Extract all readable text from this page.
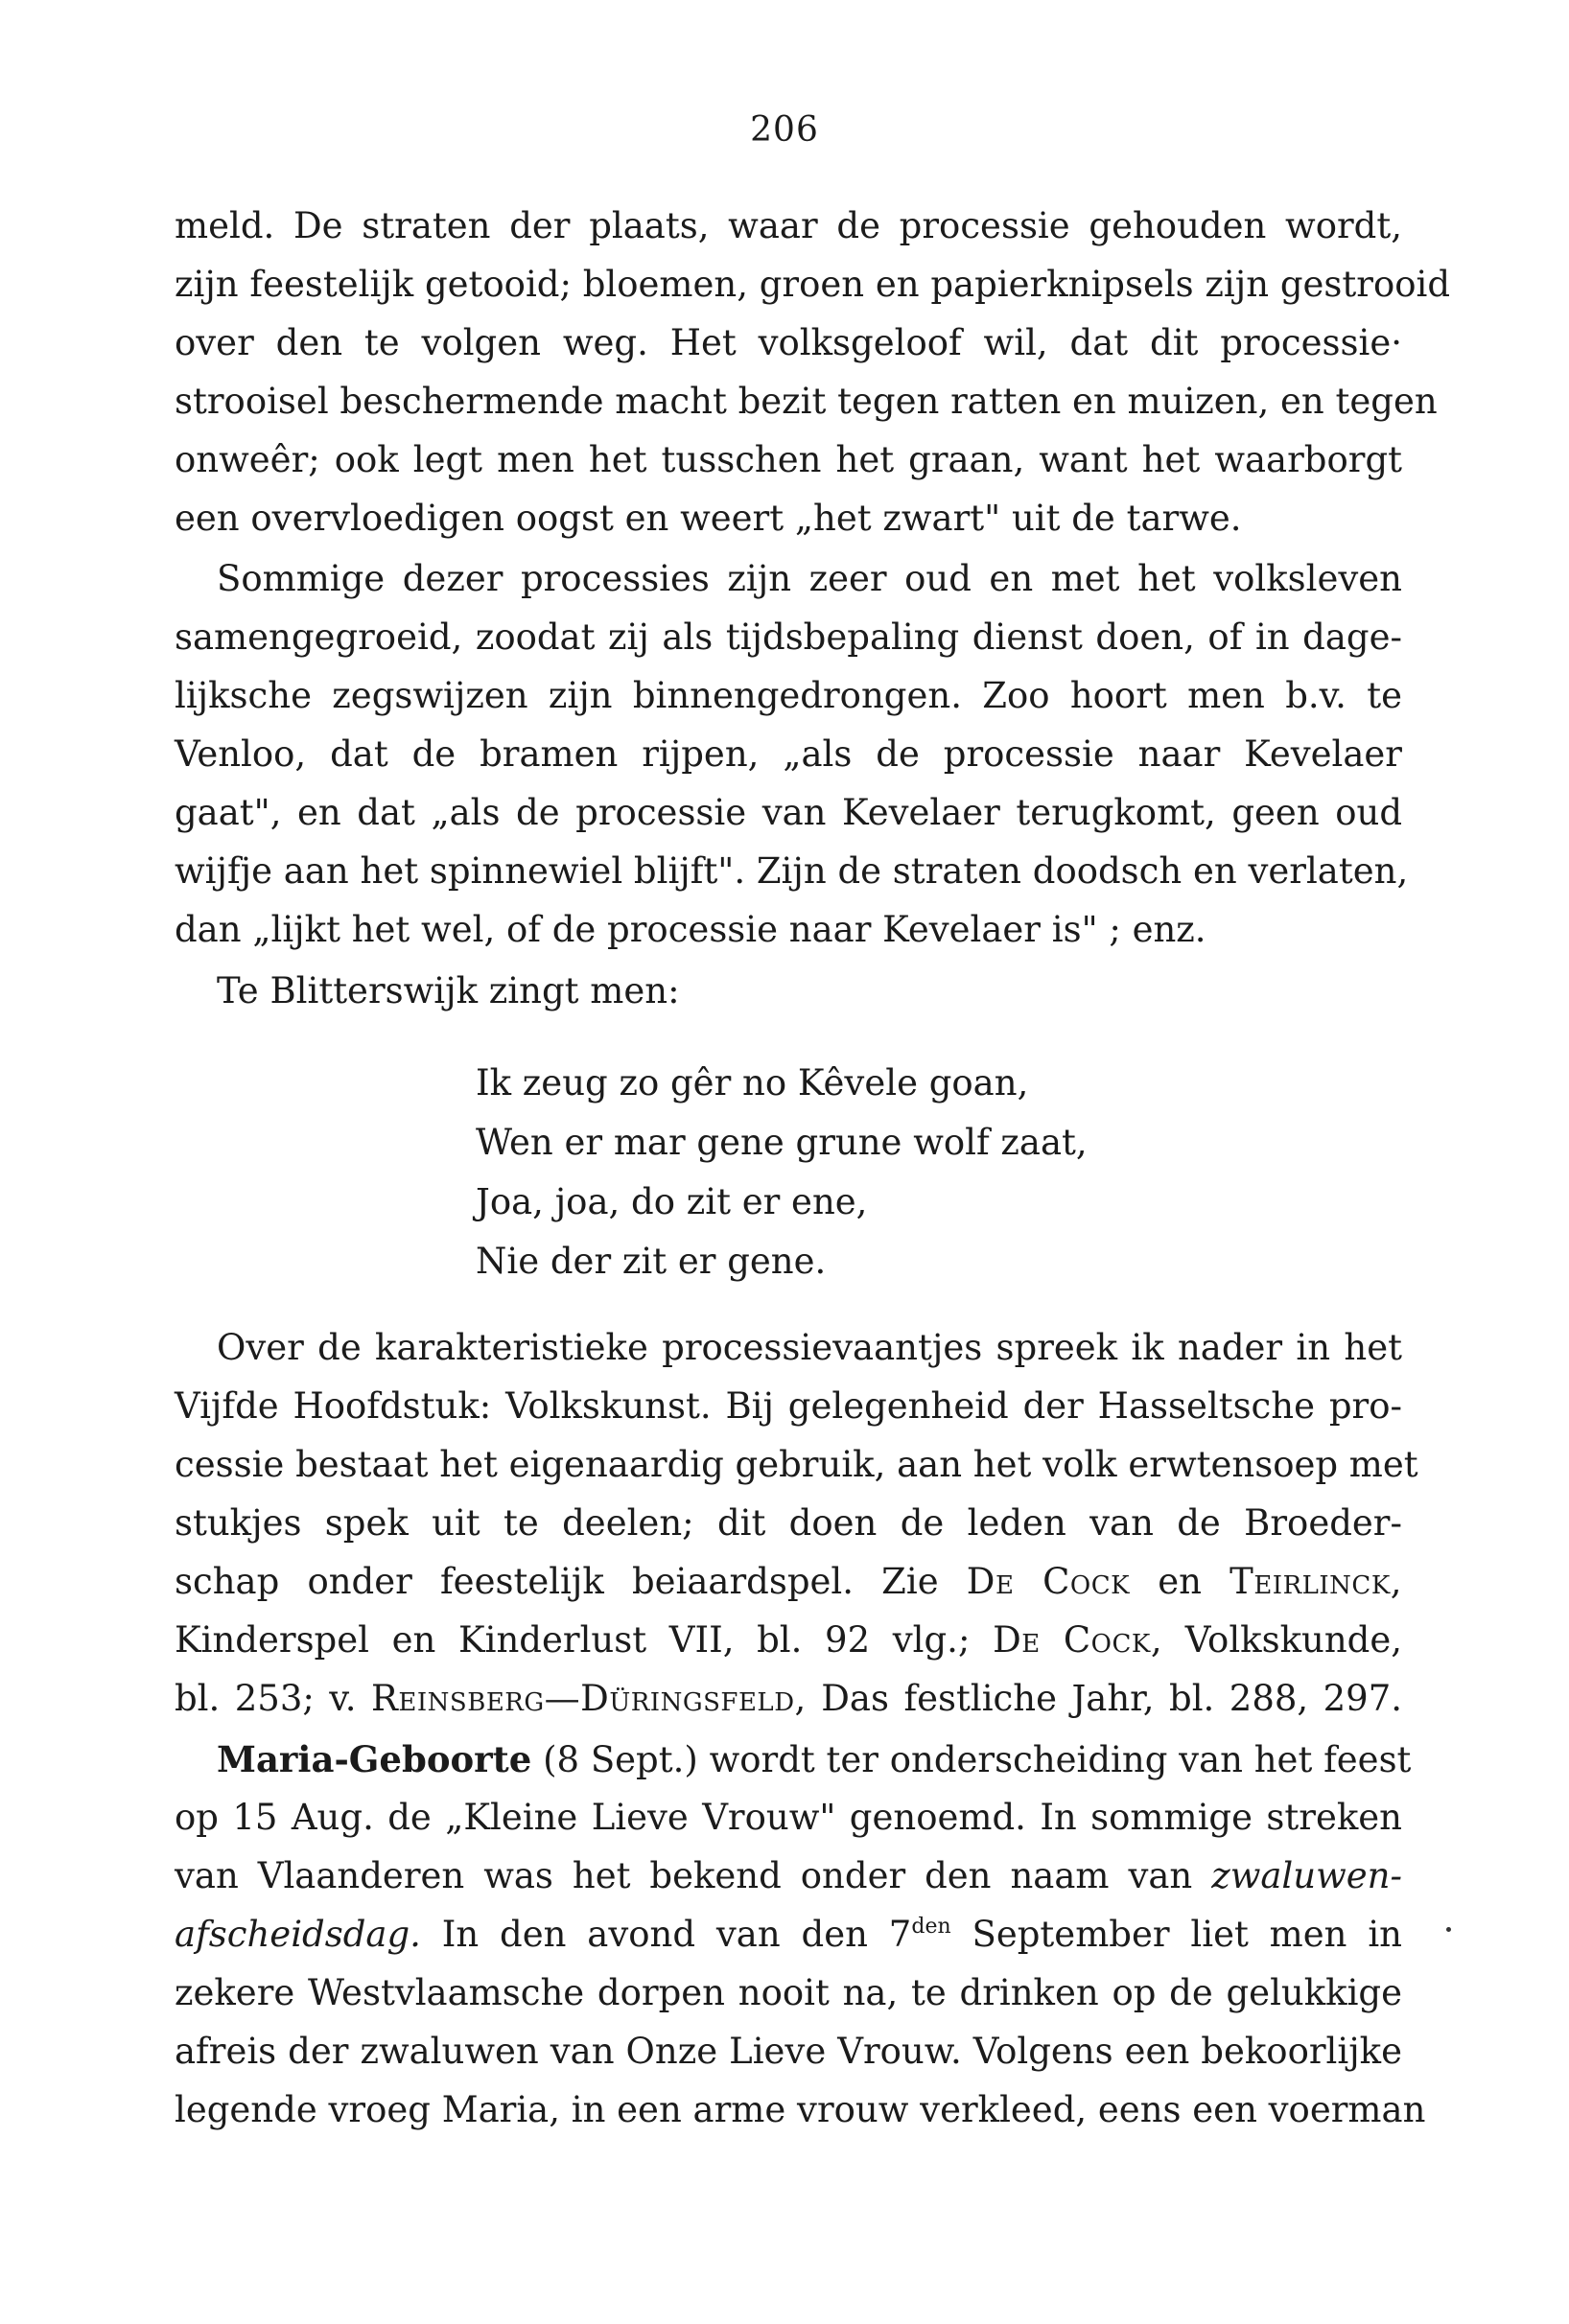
206
meld. De straten der plaats, waar de processie gehouden wordt,
zijn feestelijk getooid; bloemen, groen en papierknipsels zijn gestrooid
over den te volgen weg. Het volksgeloof wil, dat dit processie·
strooisel beschermende macht bezit tegen ratten en muizen, en tegen
onweêr; ook legt men het tusschen het graan, want het waarborgt
een overvloedigen oogst en weert „het zwart" uit de tarwe.
Sommige dezer processies zijn zeer oud en met het volksleven
samengegroeid, zoodat zij als tijdsbepaling dienst doen, of in dage-
lijksche zegswijzen zijn binnengedrongen. Zoo hoort men b.v. te
Venloo, dat de bramen rijpen, „als de processie naar Kevelaer
gaat", en dat „als de processie van Kevelaer terugkomt, geen oud
wijfje aan het spinnewiel blijft". Zijn de straten doodsch en verlaten,
dan „lijkt het wel, of de processie naar Kevelaer is" ; enz.
Te Blitterswijk zingt men:
Ik zeug zo gêr no Kêvele goan,
Wen er mar gene grune wolf zaat,
Joa, joa, do zit er ene,
Nie der zit er gene.
Over de karakteristieke processievaantjes spreek ik nader in het
Vijfde Hoofdstuk: Volkskunst. Bij gelegenheid der Hasseltsche pro-
cessie bestaat het eigenaardig gebruik, aan het volk erwtensoep met
stukjes spek uit te deelen; dit doen de leden van de Broeder-
schap onder feestelijk beiaardspel. Zie De Cock en Teirlinck,
Kinderspel en Kinderlust VII, bl. 92 vlg.; De Cock, Volkskunde,
bl. 253; v. Reinsberg—Düringsfeld, Das festliche Jahr, bl. 288, 297.
Maria-Geboorte (8 Sept.) wordt ter onderscheiding van het feest
op 15 Aug. de „Kleine Lieve Vrouw" genoemd. In sommige streken
van Vlaanderen was het bekend onder den naam van zwaluwen-
afscheidsdag. In den avond van den $7^{den}$ September liet men in
zekere Westvlaamsche dorpen nooit na, te drinken op de gelukkige
afreis der zwaluwen van Onze Lieve Vrouw. Volgens een bekoorlijke
legende vroeg Maria, in een arme vrouw verkleed, eens een voerman
